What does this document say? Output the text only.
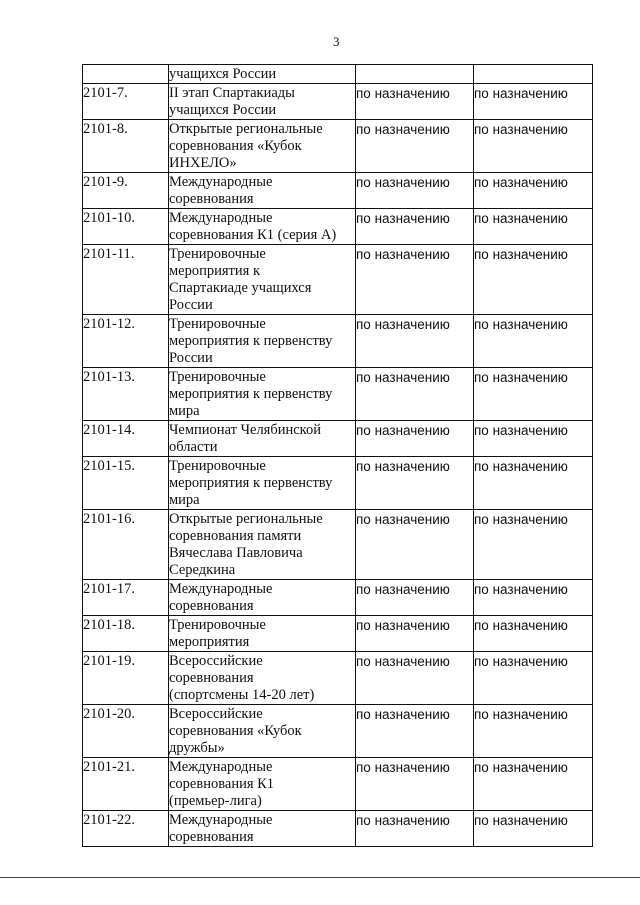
3

	учащихся России		

2101-7.	II этап Спартакиады
учащихся России	по назначению	по назначению
2101-8.	Открытые региональные
соревнования «Кубок
ИНХЕЛО»	по назначению	по назначению
2101-9.	Международные
соревнования	по назначению	по назначению
2101-10.	Международные
соревнования К1 (серия А)	по назначению	по назначению
2101-11.	Тренировочные
мероприятия к
Спартакиаде учащихся
России	по назначению	по назначению
2101-12.	Тренировочные
мероприятия к первенству
России	по назначению	по назначению
2101-13.	Тренировочные
мероприятия к первенству
мира	по назначению	по назначению
2101-14.	Чемпионат Челябинской
области	по назначению	по назначению
2101-15.	Тренировочные
мероприятия к первенству
мира	по назначению	по назначению
2101-16.	Открытые региональные
соревнования памяти
Вячеслава Павловича
Середкина	по назначению	по назначению
2101-17.	Международные
соревнования	по назначению	по назначению
2101-18.	Тренировочные
мероприятия	по назначению	по назначению
2101-19.	Всероссийские
соревнования
(спортсмены 14-20 лет)	по назначению	по назначению
2101-20.	Всероссийские
соревнования «Кубок
дружбы»	по назначению	по назначению
2101-21.	Международные
соревнования К1
(премьер-лига)	по назначению	по назначению
2101-22.	Международные
соревнования	по назначению	по назначению
